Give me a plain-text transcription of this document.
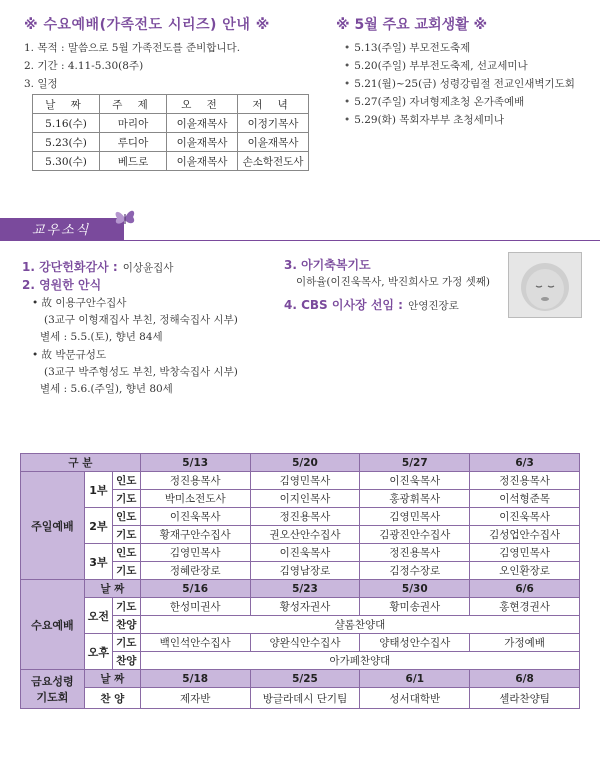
※ 수요예배(가족전도 시리즈) 안내 ※
1. 목적 : 말씀으로 5월 가족전도를 준비합니다.
2. 기간 : 4.11-5.30(8주)
3. 일정
날 짜	주 제	오 전	저 녁
5.16(수)	마리아	이윤재목사	이정기목사
5.23(수)	루디아	이윤재목사	이윤재목사
5.30(수)	베드로	이윤재목사	손소학전도사
※ 5월 주요 교회생활 ※
• 5.13(주일) 부모전도축제
• 5.20(주일) 부부전도축제, 선교세미나
• 5.21(월)~25(금) 성령강림절 전교인새벽기도회
• 5.27(주일) 자녀형제초청 온가족예배
• 5.29(화) 목회자부부 초청세미나
교우소식
1. 강단헌화감사 : 이상윤집사
2. 영원한 안식
• 故 이용구안수집사
(3교구 이형재집사 부친, 정해숙집사 시부)
별세 : 5.5.(토), 향년 84세
• 故 박문규성도
(3교구 박주형성도 부친, 박창숙집사 시부)
별세 : 5.6.(주일), 향년 80세
3. 아기축복기도
이하율(이진욱목사, 박진희사모 가정 셋째)
4. CBS 이사장 선임 : 안영진장로
구 분			5/13	5/20	5/27	6/3
주일예배	1부	인도	정진용목사	김영민목사	이진욱목사	정진용목사
		기도	박미소전도사	이지인목사	홍광휘목사	이석형준목
	2부	인도	이진욱목사	정진용목사	김영민목사	이진욱목사
		기도	황재구안수집사	권오산안수집사	김광진안수집사	김성업안수집사
	3부	인도	김영민목사	이진욱목사	정진용목사	김영민목사
		기도	정혜란장로	김영남장로	김정수장로	오인환장로
수요예배	날 짜		5/16	5/23	5/30	6/6
	오전	기도	한성미권사	황성자권사	황미송권사	홍현경권사
		찬양	샬롬찬양대			
	오후	기도	백인석안수집사	양완식안수집사	양태성안수집사	가정예배
		찬양	아가페찬양대			

금요성령
기도회	날 짜		5/18	5/25	6/1	6/8
	찬 양		제자반	방글라데시 단기팀	성서대학반	셀라찬양팀
